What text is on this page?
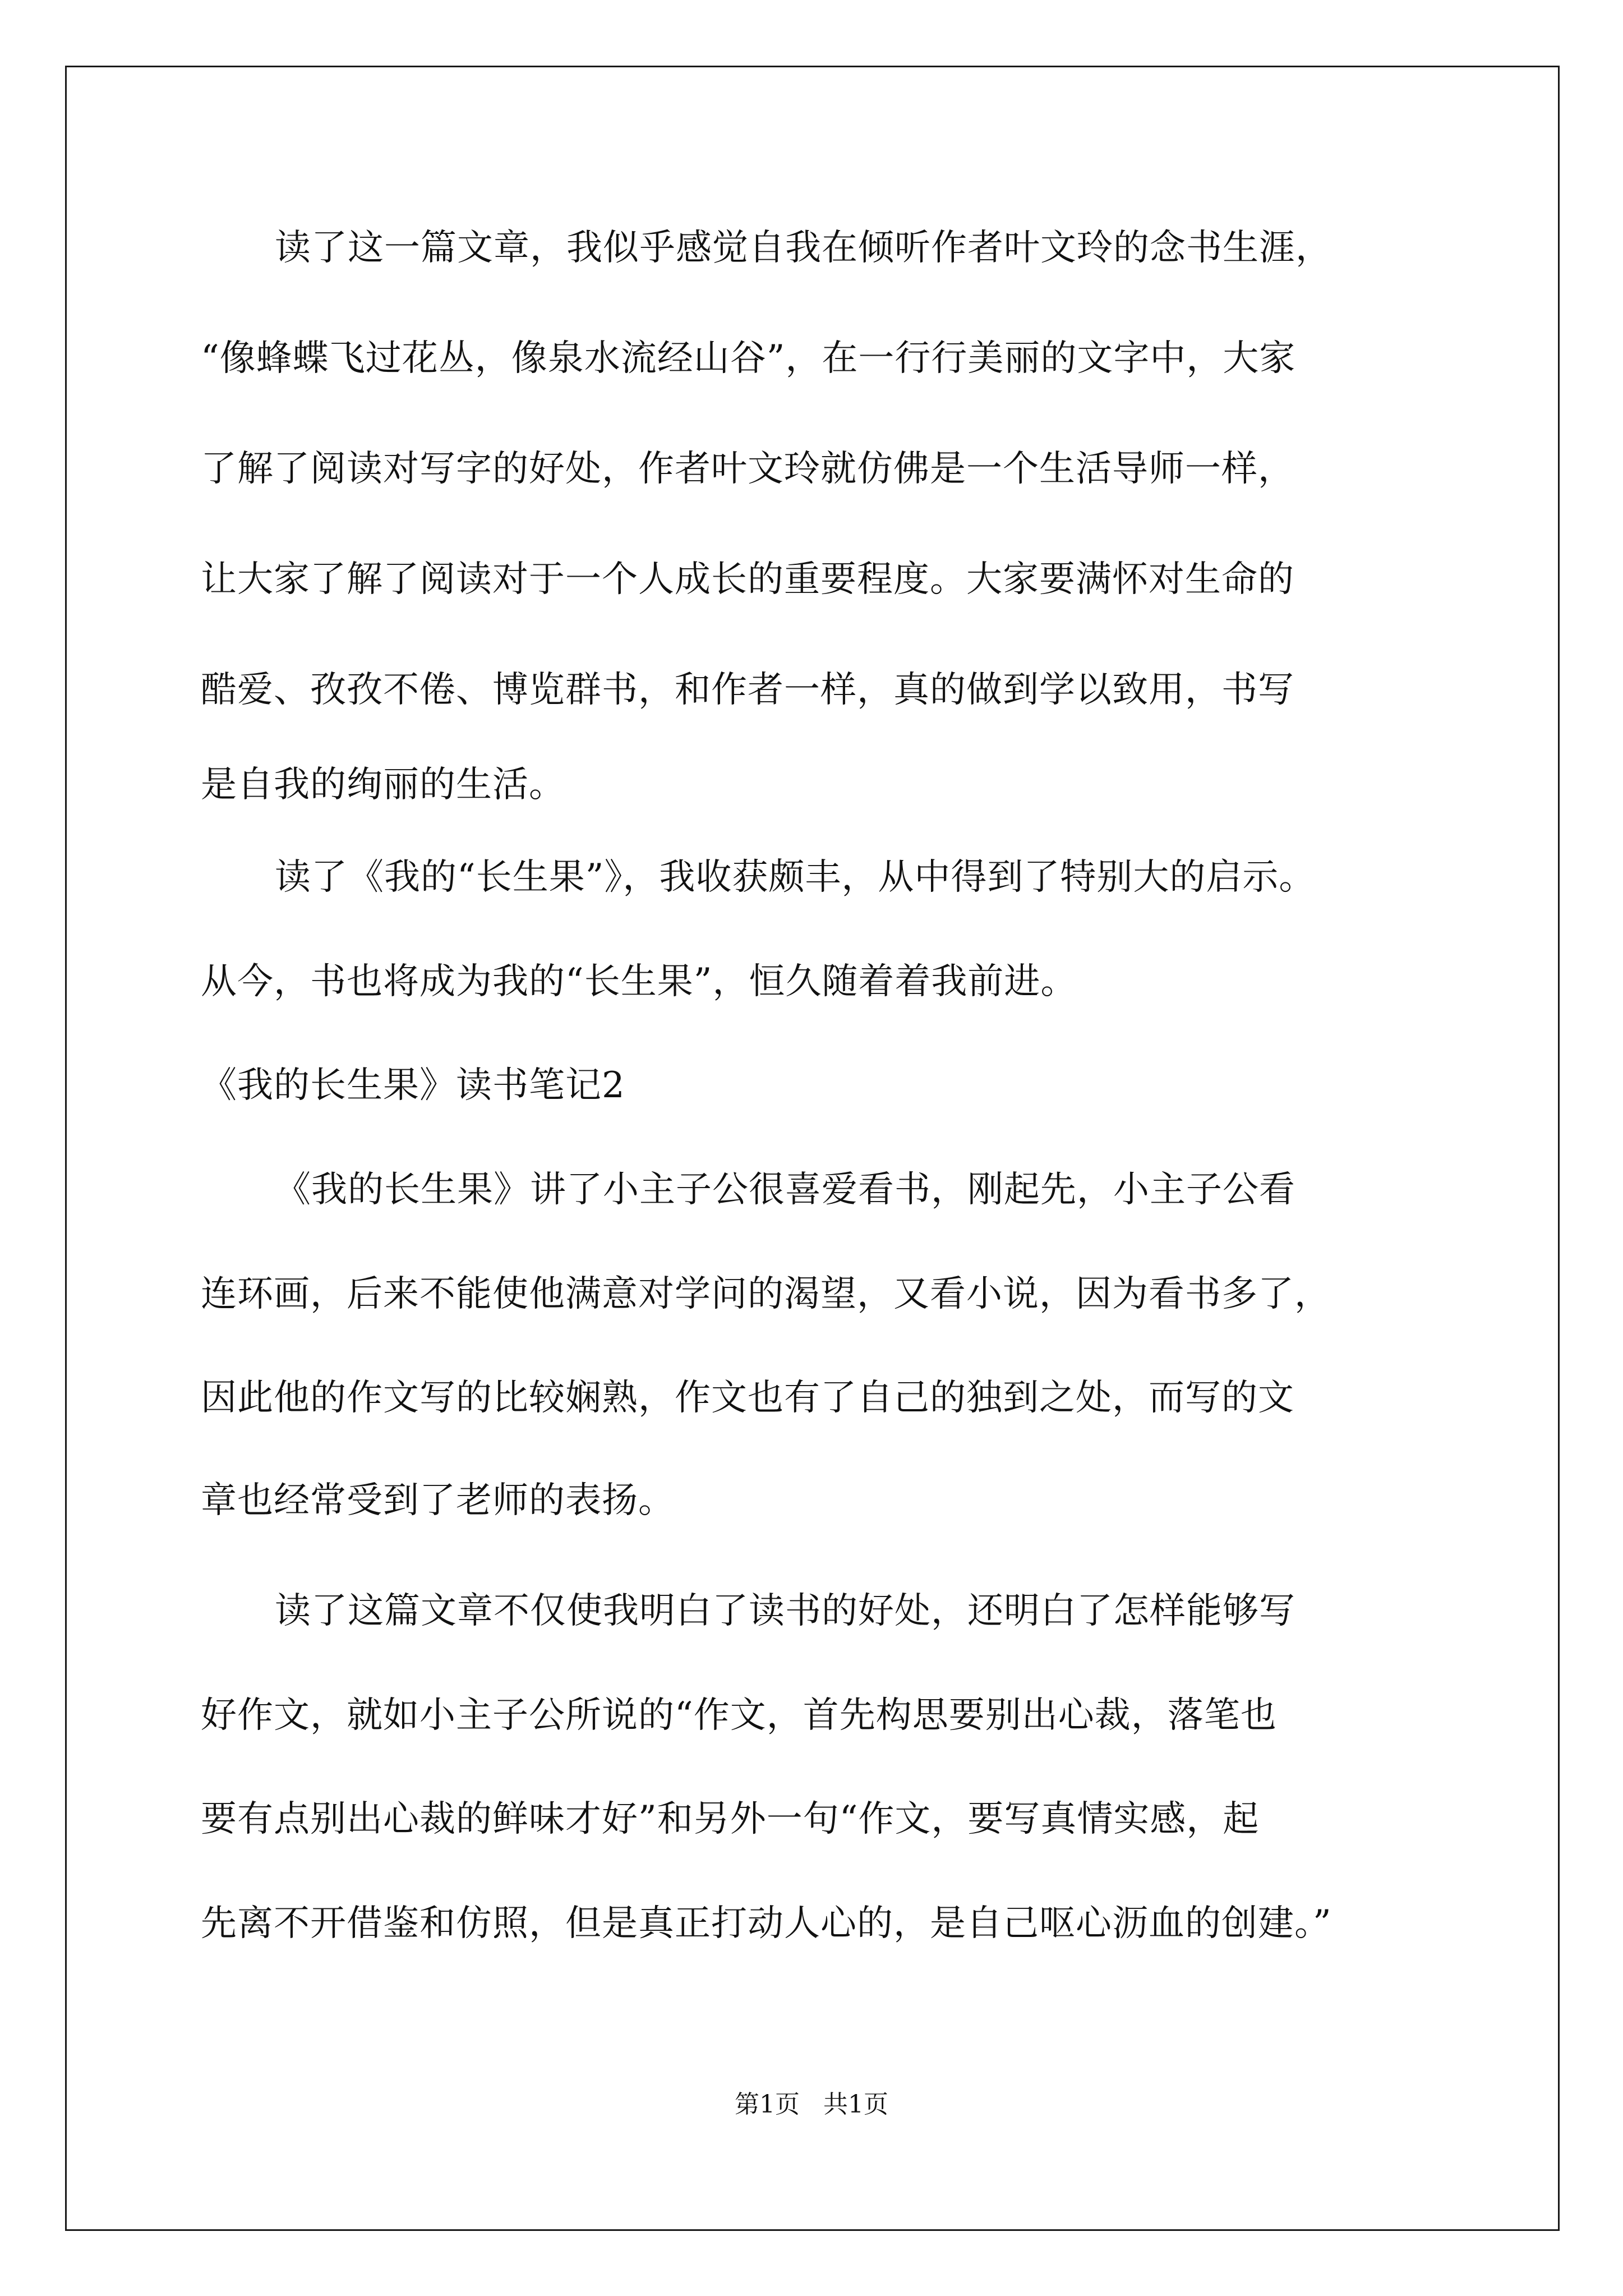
读了这一篇文章，我似乎感觉自我在倾听作者叶文玲的念书生涯，
“像蜂蝶飞过花丛，像泉水流经山谷”，在一行行美丽的文字中，大家
了解了阅读对写字的好处，作者叶文玲就仿佛是一个生活导师一样，
让大家了解了阅读对于一个人成长的重要程度。大家要满怀对生命的
酷爱、孜孜不倦、博览群书，和作者一样，真的做到学以致用，书写
是自我的绚丽的生活。
读了《我的“长生果”》，我收获颇丰，从中得到了特别大的启示。
从今，书也将成为我的“长生果”，恒久随着着我前进。
《我的长生果》读书笔记2
《我的长生果》讲了小主子公很喜爱看书，刚起先，小主子公看
连环画，后来不能使他满意对学问的渴望，又看小说，因为看书多了，
因此他的作文写的比较娴熟，作文也有了自己的独到之处，而写的文
章也经常受到了老师的表扬。
读了这篇文章不仅使我明白了读书的好处，还明白了怎样能够写
好作文，就如小主子公所说的“作文，首先构思要别出心裁，落笔也
要有点别出心裁的鲜味才好”和另外一句“作文，要写真情实感，起
先离不开借鉴和仿照，但是真正打动人心的，是自己呕心沥血的创建。”
第1页   共1页
